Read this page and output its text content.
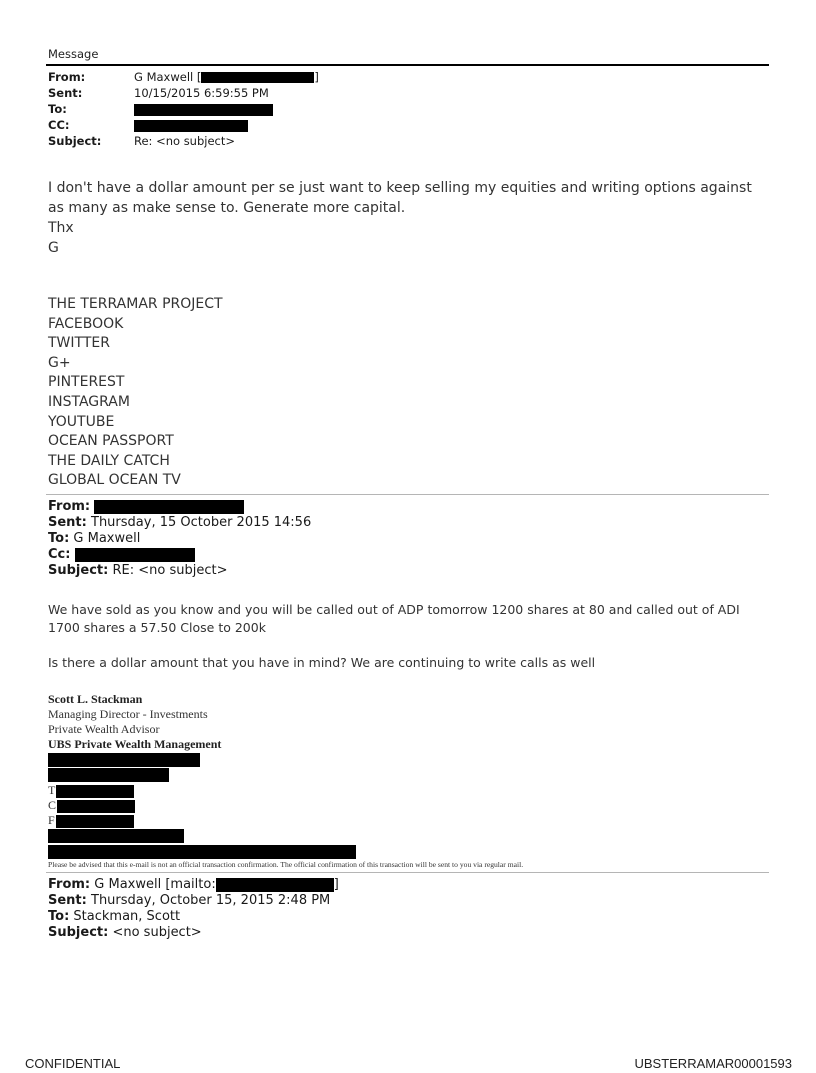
Message
From:	G Maxwell [	]
Sent:	10/15/2015 6:59:55 PM
To:
CC:
Subject:	Re: <no subject>

I don't have a dollar amount per se just want to keep selling my equities and writing options against as many as make sense to. Generate more capital.

Thx

G

THE TERRAMAR PROJECT
FACEBOOK
TWITTER
G+
PINTEREST
INSTAGRAM
YOUTUBE
OCEAN PASSPORT
THE DAILY CATCH
GLOBAL OCEAN TV
From:
Sent: Thursday, 15 October 2015 14:56
To: G Maxwell
Cc:
Subject: RE: <no subject>
We have sold as you know and you will be called out of ADP tomorrow 1200 shares at 80 and called out of ADI 1700 shares a 57.50 Close to 200k
Is there a dollar amount that you have in mind? We are continuing to write calls as well
Scott L. Stackman
Managing Director - Investments
Private Wealth Advisor
UBS Private Wealth Management
T
C
F
Please be advised that this e-mail is not an official transaction confirmation. The official confirmation of this transaction will be sent to you via regular mail.
From: G Maxwell [mailto:	]
Sent: Thursday, October 15, 2015 2:48 PM
To: Stackman, Scott
Subject: <no subject>
CONFIDENTIAL	UBSTERRAMAR00001593
